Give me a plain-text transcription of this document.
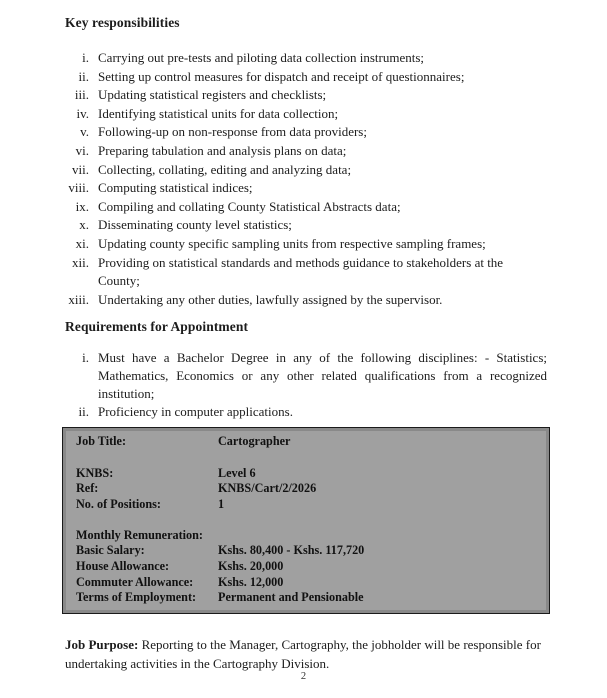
Key responsibilities
i. Carrying out pre-tests and piloting data collection instruments;
ii. Setting up control measures for dispatch and receipt of questionnaires;
iii. Updating statistical registers and checklists;
iv. Identifying statistical units for data collection;
v. Following-up on non-response from data providers;
vi. Preparing tabulation and analysis plans on data;
vii. Collecting, collating, editing and analyzing data;
viii. Computing statistical indices;
ix. Compiling and collating County Statistical Abstracts data;
x. Disseminating county level statistics;
xi. Updating county specific sampling units from respective sampling frames;
xii. Providing on statistical standards and methods guidance to stakeholders at the County;
xiii. Undertaking any other duties, lawfully assigned by the supervisor.
Requirements for Appointment
i. Must have a Bachelor Degree in any of the following disciplines: - Statistics; Mathematics, Economics or any other related qualifications from a recognized institution;
ii. Proficiency in computer applications.
Job Title:	Cartographer
KNBS:	Level 6
Ref:	KNBS/Cart/2/2026
No. of Positions:	1
Monthly Remuneration:
Basic Salary:	Kshs. 80,400 - Kshs. 117,720
House Allowance:	Kshs. 20,000
Commuter Allowance:	Kshs. 12,000
Terms of Employment:	Permanent and Pensionable
Job Purpose: Reporting to the Manager, Cartography, the jobholder will be responsible for undertaking activities in the Cartography Division.
2
